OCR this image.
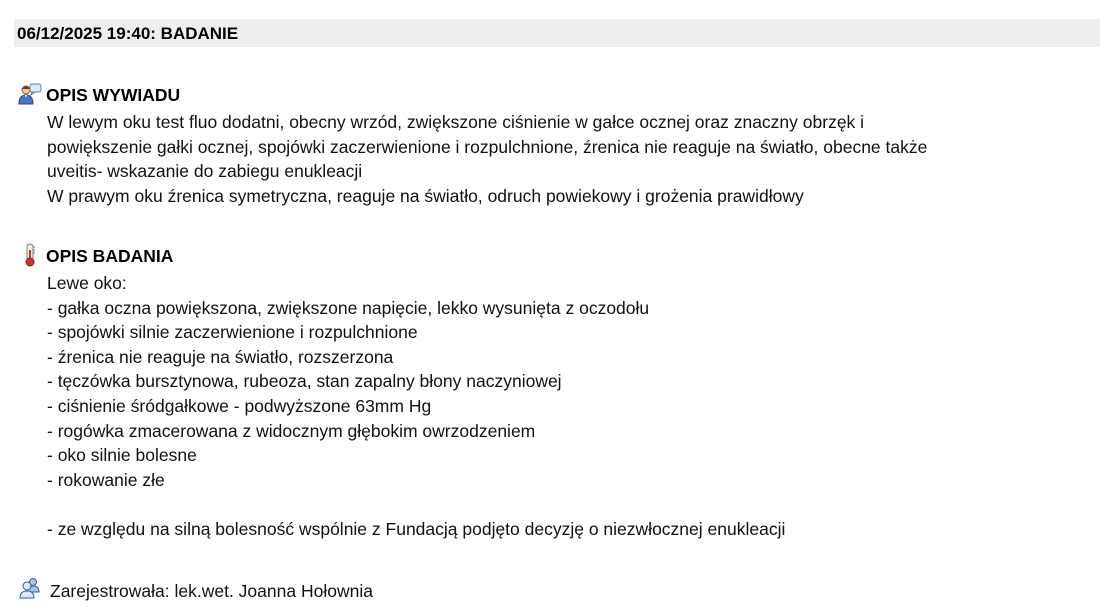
06/12/2025 19:40: BADANIE
OPIS WYWIADU
W lewym oku test fluo dodatni, obecny wrzód, zwiększone ciśnienie w gałce ocznej oraz znaczny obrzęk i
powiększenie gałki ocznej, spojówki zaczerwienione i rozpulchnione, źrenica nie reaguje na światło, obecne także
uveitis- wskazanie do zabiegu enukleacji
W prawym oku źrenica symetryczna, reaguje na światło, odruch powiekowy i grożenia prawidłowy
OPIS BADANIA
Lewe oko:
- gałka oczna powiększona, zwiększone napięcie, lekko wysunięta z oczodołu
- spojówki silnie zaczerwienione i rozpulchnione
- źrenica nie reaguje na światło, rozszerzona
- tęczówka bursztynowa, rubeoza, stan zapalny błony naczyniowej
- ciśnienie śródgałkowe - podwyższone 63mm Hg
- rogówka zmacerowana z widocznym głębokim owrzodzeniem
- oko silnie bolesne
- rokowanie złe
- ze względu na silną bolesność wspólnie z Fundacją podjęto decyzję o niezwłocznej enukleacji
Zarejestrowała: lek.wet. Joanna Hołownia
